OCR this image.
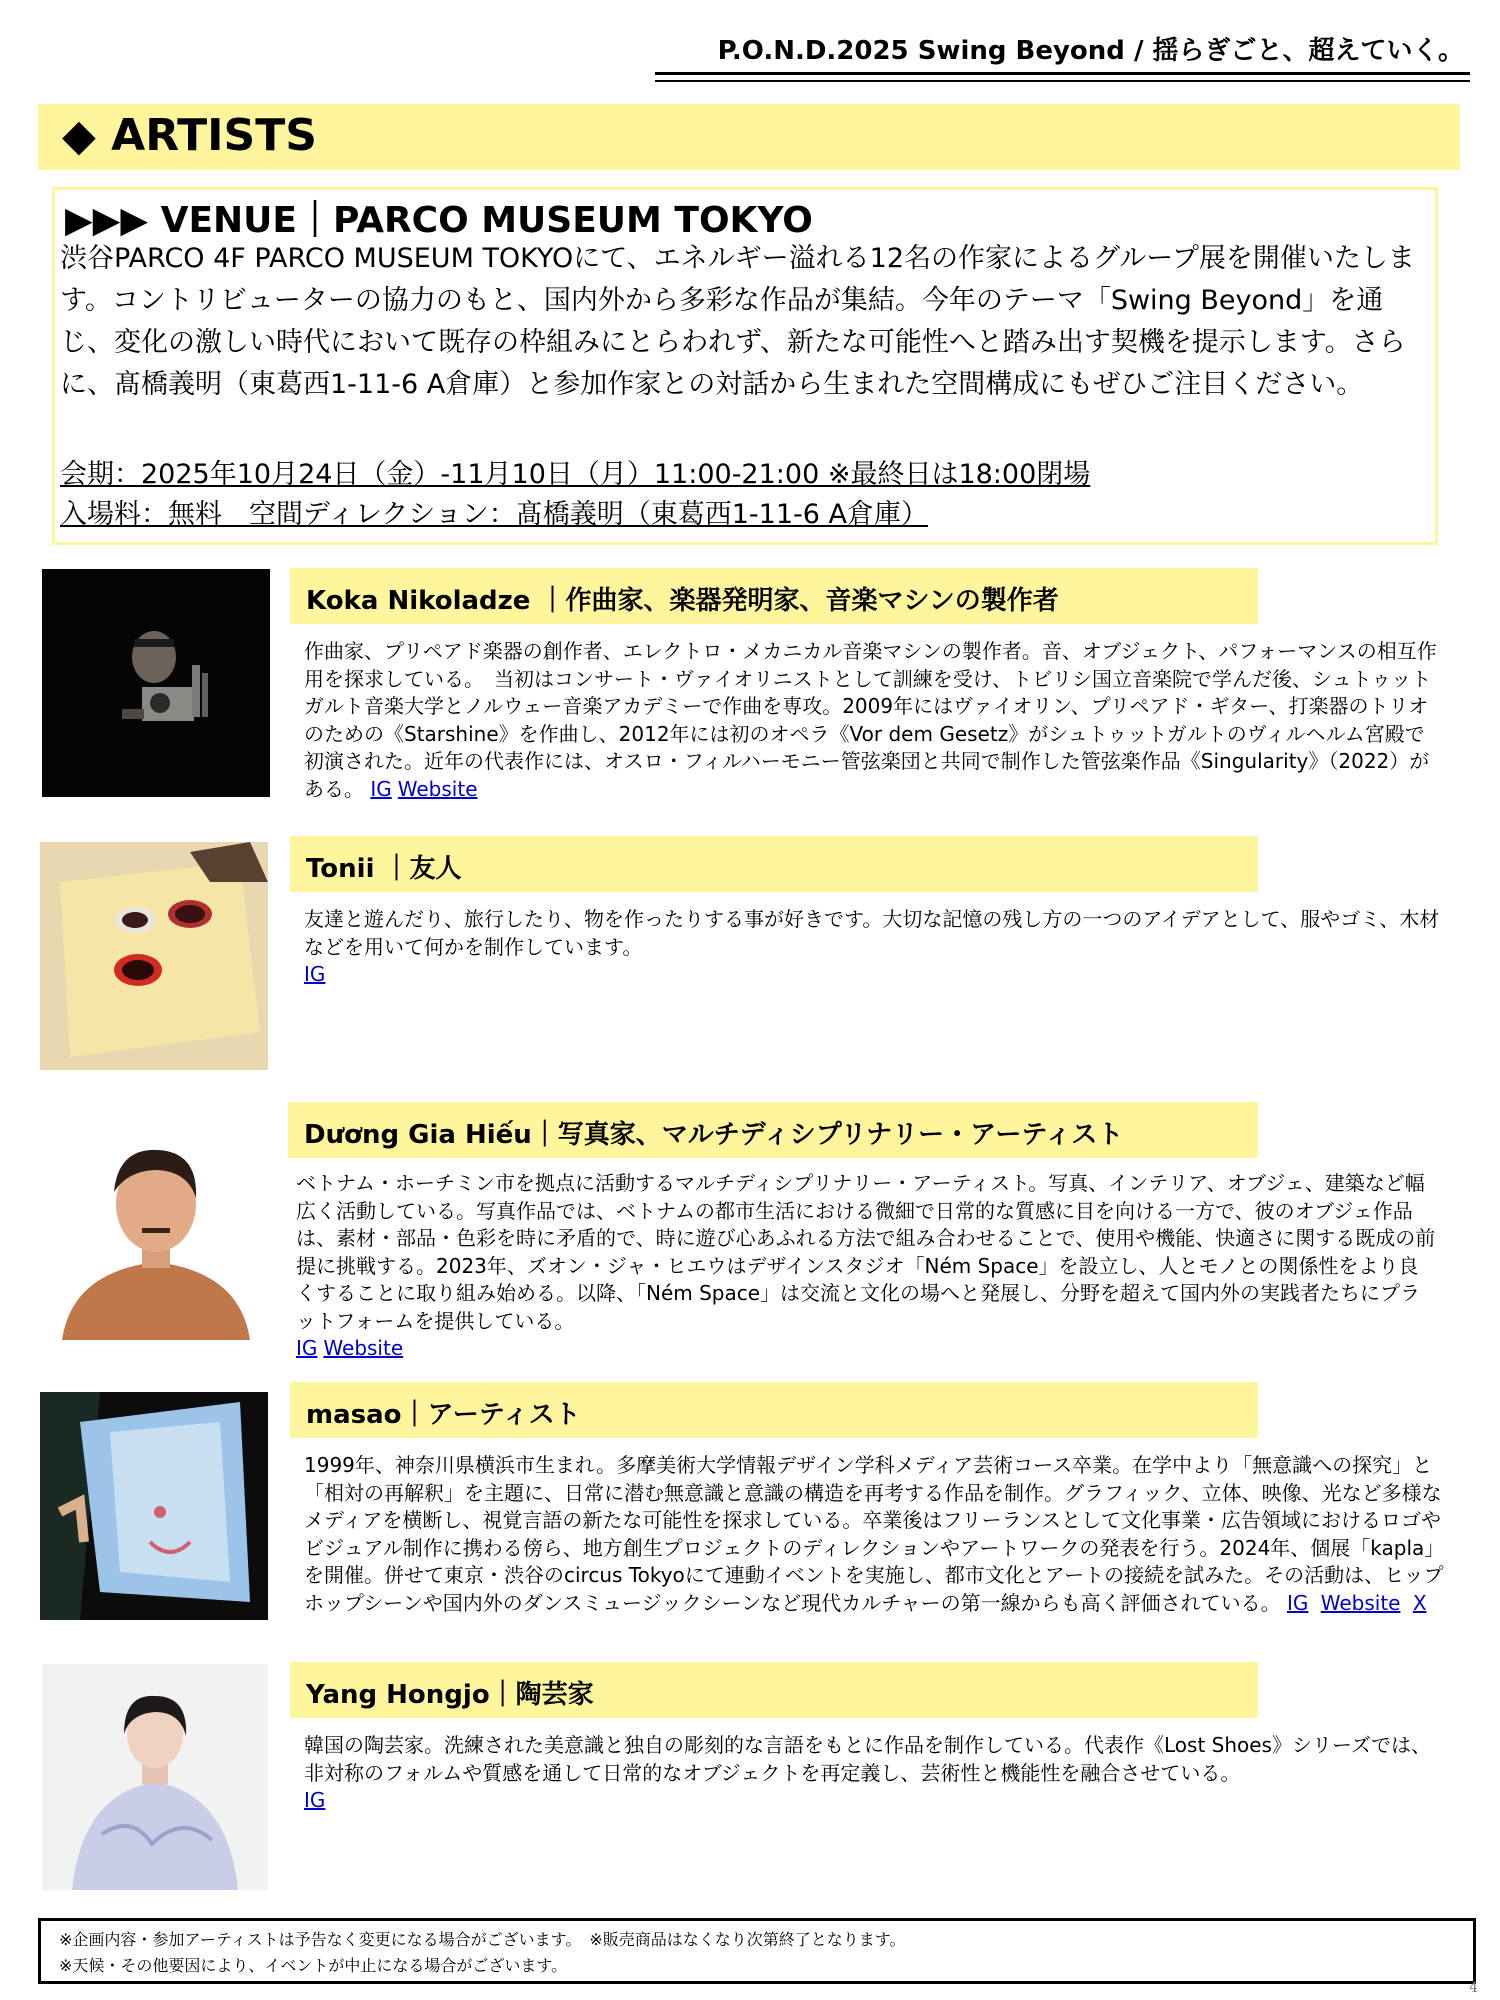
P.O.N.D.2025 Swing Beyond / 揺らぎごと、超えていく。
◆ ARTISTS
▶▶▶ VENUE｜PARCO MUSEUM TOKYO
渋谷PARCO 4F PARCO MUSEUM TOKYOにて、エネルギー溢れる12名の作家によるグループ展を開催いたします。コントリビューターの協力のもと、国内外から多彩な作品が集結。今年のテーマ「Swing Beyond」を通じ、変化の激しい時代において既存の枠組みにとらわれず、新たな可能性へと踏み出す契機を提示します。さらに、髙橋義明（東葛西1-11-6 A倉庫）と参加作家との対話から生まれた空間構成にもぜひご注目ください。
会期：2025年10月24日（金）-11月10日（月）11:00-21:00 ※最終日は18:00閉場
入場料：無料　空間ディレクション：髙橋義明（東葛西1-11-6 A倉庫）
Koka Nikoladze ｜作曲家、楽器発明家、音楽マシンの製作者
作曲家、プリペアド楽器の創作者、エレクトロ・メカニカル音楽マシンの製作者。音、オブジェクト、パフォーマンスの相互作用を探求している。　当初はコンサート・ヴァイオリニストとして訓練を受け、トビリシ国立音楽院で学んだ後、シュトゥットガルト音楽大学とノルウェー音楽アカデミーで作曲を専攻。2009年にはヴァイオリン、プリペアド・ギター、打楽器のトリオのための《Starshine》を作曲し、2012年には初のオペラ《Vor dem Gesetz》がシュトゥットガルトのヴィルヘルム宮殿で初演された。近年の代表作には、オスロ・フィルハーモニー管弦楽団と共同で制作した管弦楽作品《Singularity》（2022）がある。 IG Website
Tonii ｜友人
友達と遊んだり、旅行したり、物を作ったりする事が好きです。大切な記憶の残し方の一つのアイデアとして、服やゴミ、木材などを用いて何かを制作しています。
IG
Dương Gia Hiếu｜写真家、マルチディシプリナリー・アーティスト
ベトナム・ホーチミン市を拠点に活動するマルチディシプリナリー・アーティスト。写真、インテリア、オブジェ、建築など幅広く活動している。写真作品では、ベトナムの都市生活における微細で日常的な質感に目を向ける一方で、彼のオブジェ作品は、素材・部品・色彩を時に矛盾的で、時に遊び心あふれる方法で組み合わせることで、使用や機能、快適さに関する既成の前提に挑戦する。2023年、ズオン・ジャ・ヒエウはデザインスタジオ「Ném Space」を設立し、人とモノとの関係性をより良くすることに取り組み始める。以降、「Ném Space」は交流と文化の場へと発展し、分野を超えて国内外の実践者たちにプラットフォームを提供している。
IG Website
masao｜アーティスト
1999年、神奈川県横浜市生まれ。多摩美術大学情報デザイン学科メディア芸術コース卒業。在学中より「無意識への探究」と「相対の再解釈」を主題に、日常に潜む無意識と意識の構造を再考する作品を制作。グラフィック、立体、映像、光など多様なメディアを横断し、視覚言語の新たな可能性を探求している。卒業後はフリーランスとして文化事業・広告領域におけるロゴやビジュアル制作に携わる傍ら、地方創生プロジェクトのディレクションやアートワークの発表を行う。2024年、個展「kapla」を開催。併せて東京・渋谷のcircus Tokyoにて連動イベントを実施し、都市文化とアートの接続を試みた。その活動は、ヒップホップシーンや国内外のダンスミュージックシーンなど現代カルチャーの第一線からも高く評価されている。 IG Website X
Yang Hongjo｜陶芸家
韓国の陶芸家。洗練された美意識と独自の彫刻的な言語をもとに作品を制作している。代表作《Lost Shoes》シリーズでは、非対称のフォルムや質感を通して日常的なオブジェクトを再定義し、芸術性と機能性を融合させている。
IG
※企画内容・参加アーティストは予告なく変更になる場合がございます。　※販売商品はなくなり次第終了となります。
※天候・その他要因により、イベントが中止になる場合がございます。
4
